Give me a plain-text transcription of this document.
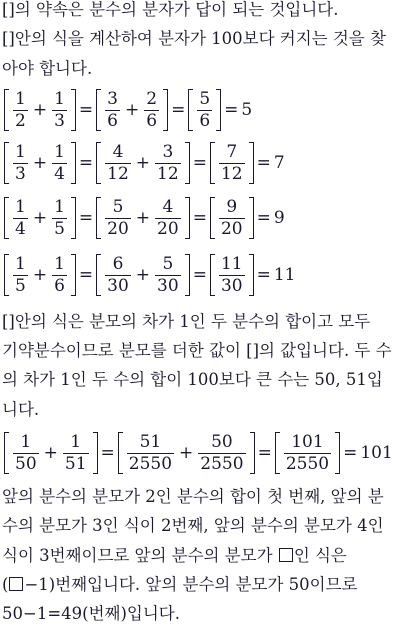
[]의 약속은 분수의 분자가 답이 되는 것입니다.
[]안의 식을 계산하여 분자가 100보다 커지는 것을 찾
아야 합니다.
$\frac{1}{2} + \frac{1}{3} = \frac{3}{6} + \frac{2}{6} = \frac{5}{6} = 5$
$\frac{1}{3} + \frac{1}{4} = \frac{4}{12} + \frac{3}{12} = \frac{7}{12} = 7$
$\frac{1}{4} + \frac{1}{5} = \frac{5}{20} + \frac{4}{20} = \frac{9}{20} = 9$
$\frac{1}{5} + \frac{1}{6} = \frac{6}{30} + \frac{5}{30} = \frac{11}{30} = 11$
[]안의 식은 분모의 차가 1인 두 분수의 합이고 모두
기약분수이므로 분모를 더한 값이 []의 값입니다. 두 수
의 차가 1인 두 수의 합이 100보다 큰 수는 50, 51입
니다.
$\frac{1}{50} + \frac{1}{51} = \frac{51}{2550} + \frac{50}{2550} = \frac{101}{2550} = 101$
앞의 분수의 분모가 2인 분수의 합이 첫 번째, 앞의 분
수의 분모가 3인 식이 2번째, 앞의 분수의 분모가 4인
식이 3번째이므로 앞의 분수의 분모가 인 식은
( −1)번째입니다. 앞의 분수의 분모가 50이므로
50−1=49(번째)입니다.
